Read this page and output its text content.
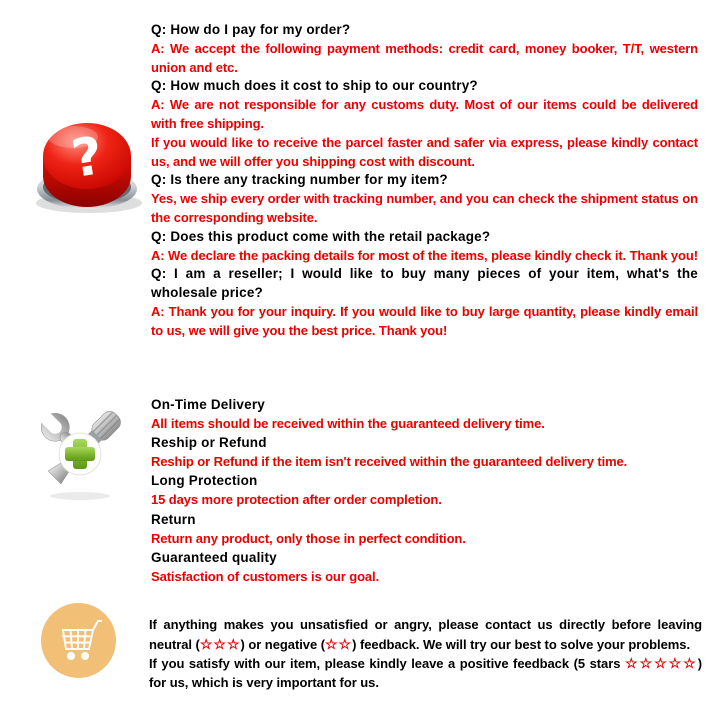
?

Q: How do I pay for my order?

A: We accept the following payment methods: credit card, money booker, T/T, western union and etc.

Q: How much does it cost to ship to our country?

A: We are not responsible for any customs duty. Most of our items could be delivered with free shipping.

If you would like to receive the parcel faster and safer via express, please kindly contact us, and we will offer you shipping cost with discount.

Q: Is there any tracking number for my item?

Yes, we ship every order with tracking number, and you can check the shipment status on the corresponding website.

Q: Does this product come with the retail package?

A: We declare the packing details for most of the items, please kindly check it. Thank you!

Q: I am a reseller; I would like to buy many pieces of your item, what's the wholesale price?

A: Thank you for your inquiry. If you would like to buy large quantity, please kindly email to us, we will give you the best price. Thank you!

On-Time Delivery

All items should be received within the guaranteed delivery time.

Reship or Refund

Reship or Refund if the item isn't received within the guaranteed delivery time.

Long Protection

15 days more protection after order completion.

Return

Return any product, only those in perfect condition.

Guaranteed quality

Satisfaction of customers is our goal.

If anything makes you unsatisfied or angry, please contact us directly before leaving neutral (☆☆☆) or negative (☆☆) feedback. We will try our best to solve your problems.

If you satisfy with our item, please kindly leave a positive feedback (5 stars ☆☆☆☆☆) for us, which is very important for us.
